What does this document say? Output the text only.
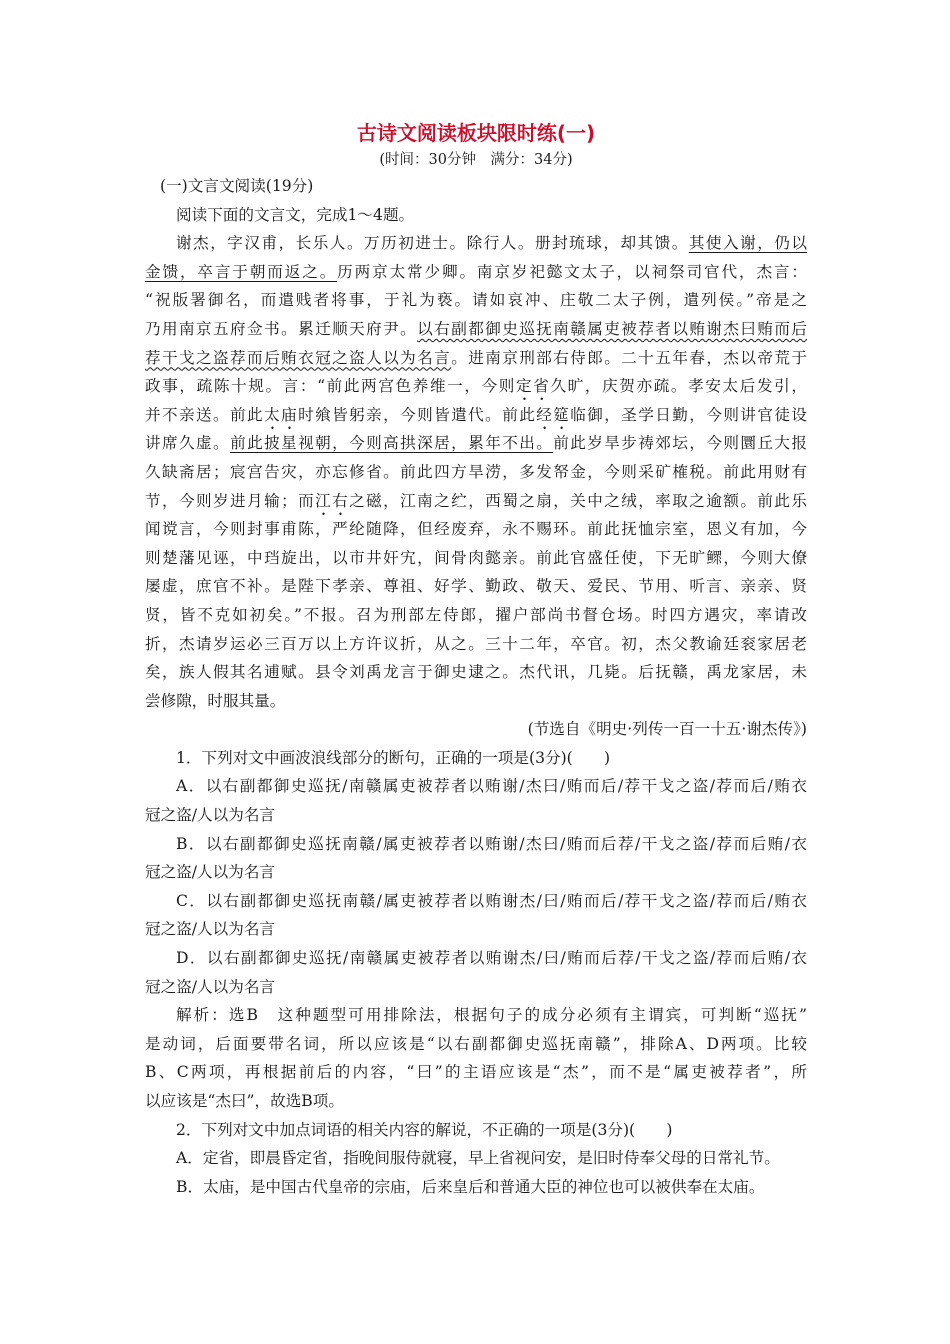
古诗文阅读板块限时练(一)
(时间：30分钟　满分：34分)
(一)文言文阅读(19分)
阅读下面的文言文，完成1～4题。
谢杰，字汉甫，长乐人。万历初进士。除行人。册封琉球，却其馈。其使入谢，仍以
金馈，卒言于朝而返之。历两京太常少卿。南京岁祀懿文太子，以祠祭司官代，杰言：
“祝版署御名，而遣贱者将事，于礼为亵。请如哀冲、庄敬二太子例，遣列侯。”帝是之
乃用南京五府佥书。累迁顺天府尹。以右副都御史巡抚南赣属吏被荐者以贿谢杰曰贿而后
荐干戈之盗荐而后贿衣冠之盗人以为名言。进南京刑部右侍郎。二十五年春，杰以帝荒于
政事，疏陈十规。言：“前此两宫色养维一，今则定省久旷，庆贺亦疏。孝安太后发引，
并不亲送。前此太庙时飨皆躬亲，今则皆遣代。前此经筵临御，圣学日勤，今则讲官徒设
讲席久虚。前此披星视朝，今则高拱深居，累年不出。前此岁旱步祷郊坛，今则圜丘大报
久缺斋居；宸宫告灾，亦忘修省。前此四方旱涝，多发帑金，今则采矿榷税。前此用财有
节，今则岁进月输；而江右之磁，江南之纻，西蜀之扇，关中之绒，率取之逾额。前此乐
闻谠言，今则封事甫陈，严纶随降，但经废弃，永不赐环。前此抚恤宗室，恩义有加，今
则楚藩见诬，中珰旋出，以市井奸宄，间骨肉懿亲。前此官盛任使，下无旷鳏，今则大僚
屡虚，庶官不补。是陛下孝亲、尊祖、好学、勤政、敬天、爱民、节用、听言、亲亲、贤
贤，皆不克如初矣。”不报。召为刑部左侍郎，擢户部尚书督仓场。时四方遇灾，率请改
折，杰请岁运必三百万以上方许议折，从之。三十二年，卒官。初，杰父教谕廷衮家居老
矣，族人假其名逋赋。县令刘禹龙言于御史逮之。杰代讯，几毙。后抚赣，禹龙家居，未
尝修隙，时服其量。
(节选自《明史·列传一百一十五·谢杰传》)
1．下列对文中画波浪线部分的断句，正确的一项是(3分)(　　)
A．以右副都御史巡抚/南赣属吏被荐者以贿谢/杰曰/贿而后/荐干戈之盗/荐而后/贿衣
冠之盗/人以为名言
B．以右副都御史巡抚南赣/属吏被荐者以贿谢/杰曰/贿而后荐/干戈之盗/荐而后贿/衣
冠之盗/人以为名言
C．以右副都御史巡抚南赣/属吏被荐者以贿谢杰/曰/贿而后/荐干戈之盗/荐而后/贿衣
冠之盗/人以为名言
D．以右副都御史巡抚/南赣属吏被荐者以贿谢杰/曰/贿而后荐/干戈之盗/荐而后贿/衣
冠之盗/人以为名言
解析：选B　这种题型可用排除法，根据句子的成分必须有主谓宾，可判断“巡抚”
是动词，后面要带名词，所以应该是“以右副都御史巡抚南赣”，排除A、D两项。比较
B、C两项，再根据前后的内容，“曰”的主语应该是“杰”，而不是“属吏被荐者”，所
以应该是“杰曰”，故选B项。
2．下列对文中加点词语的相关内容的解说，不正确的一项是(3分)(　　)
A．定省，即晨昏定省，指晚间服侍就寝，早上省视问安，是旧时侍奉父母的日常礼节。
B．太庙，是中国古代皇帝的宗庙，后来皇后和普通大臣的神位也可以被供奉在太庙。
